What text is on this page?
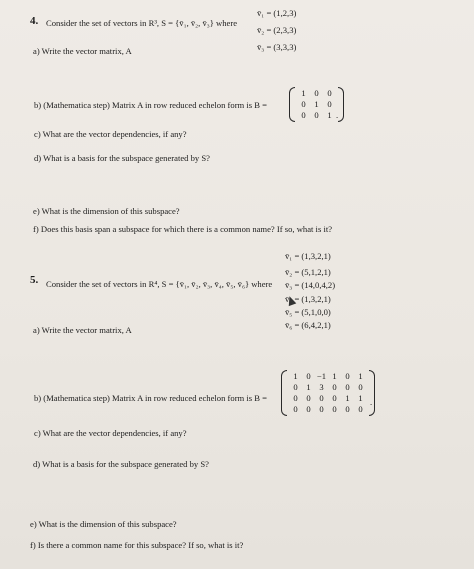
4. Consider the set of vectors in R³, S = {v̄₁, v̄₂, v̄₃} where
v̄₁ = (1,2,3)
v̄₂ = (2,3,3)
v̄₃ = (3,3,3)
a) Write the vector matrix, A
b) (Mathematica step) Matrix A in row reduced echelon form is B =
1	0	0
0	1	0
0	0	1 .
c) What are the vector dependencies, if any?
d) What is a basis for the subspace generated by S?
e) What is the dimension of this subspace?
f) Does this basis span a subspace for which there is a common name? If so, what is it?
v̄₁ = (1,3,2,1)
v̄₂ = (5,1,2,1)
5. Consider the set of vectors in R⁴, S = {v̄₁, v̄₂, v̄₃, v̄₄, v̄₅, v̄₆} where v̄₃ = (14,0,4,2)
v̄₄ = (1,3,2,1)
v̄₅ = (5,1,0,0)
v̄₆ = (6,4,2,1)
a) Write the vector matrix, A
b) (Mathematica step) Matrix A in row reduced echelon form is B =
1	0 −1 1	0	1
0	1	3	0	0	0
0	0	0	0	1	1
0	0	0	0	0	0
.
c) What are the vector dependencies, if any?
d) What is a basis for the subspace generated by S?
e) What is the dimension of this subspace?
f) Is there a common name for this subspace? If so, what is it?
